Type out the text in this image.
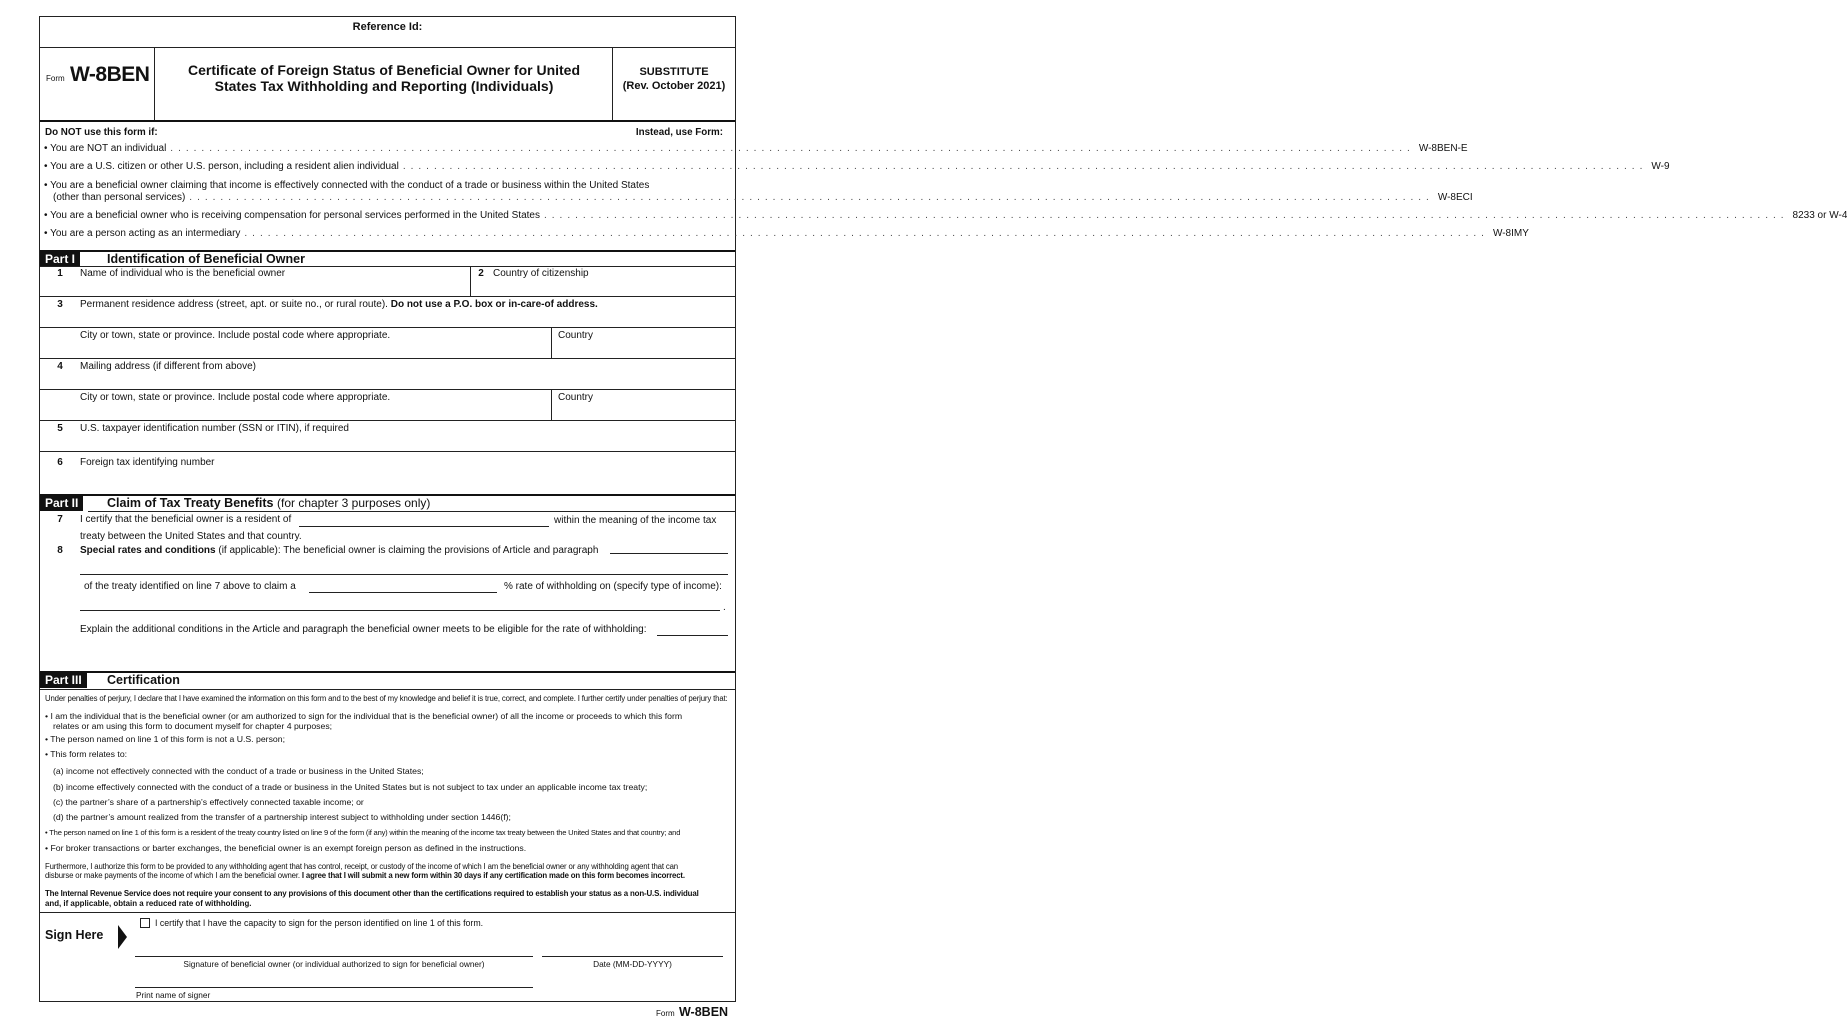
Reference Id:
Form W-8BEN	Certificate of Foreign Status of Beneficial Owner for United
States Tax Withholding and Reporting (Individuals)
SUBSTITUTE
(Rev. October 2021)
Do NOT use this form if:	Instead, use Form:
• You are NOT an individual ................................................................................................................................................................ W-8BEN-E
• You are a U.S. citizen or other U.S. person, including a resident alien individual ................................................................................................................................................................ W-9
• You are a beneficial owner claiming that income is effectively connected with the conduct of a trade or business within the United States
(other than personal services) ................................................................................................................................................................ W-8ECI
• You are a beneficial owner who is receiving compensation for personal services performed in the United States ................................................................................................................................................................ 8233 or W-4
• You are a person acting as an intermediary ................................................................................................................................................................ W-8IMY
Part I	Identification of Beneficial Owner
1 Name of individual who is the beneficial owner	2 Country of citizenship
3 Permanent residence address (street, apt. or suite no., or rural route). Do not use a P.O. box or in-care-of address.
City or town, state or province. Include postal code where appropriate.	Country
4 Mailing address (if different from above)
City or town, state or province. Include postal code where appropriate.	Country
5 U.S. taxpayer identification number (SSN or ITIN), if required
6 Foreign tax identifying number
Part II	Claim of Tax Treaty Benefits (for chapter 3 purposes only)
7 I certify that the beneficial owner is a resident of	within the meaning of the income tax
treaty between the United States and that country.
8 Special rates and conditions (if applicable): The beneficial owner is claiming the provisions of Article and paragraph
of the treaty identified on line 7 above to claim a	% rate of withholding on (specify type of income):
.
Explain the additional conditions in the Article and paragraph the beneficial owner meets to be eligible for the rate of withholding:
Part III	Certification
Under penalties of perjury, I declare that I have examined the information on this form and to the best of my knowledge and belief it is true, correct, and complete. I further certify under penalties of perjury that:
• I am the individual that is the beneficial owner (or am authorized to sign for the individual that is the beneficial owner) of all the income or proceeds to which this form
relates or am using this form to document myself for chapter 4 purposes;
• The person named on line 1 of this form is not a U.S. person;
• This form relates to:
(a) income not effectively connected with the conduct of a trade or business in the United States;
(b) income effectively connected with the conduct of a trade or business in the United States but is not subject to tax under an applicable income tax treaty;
(c) the partner’s share of a partnership’s effectively connected taxable income; or
(d) the partner’s amount realized from the transfer of a partnership interest subject to withholding under section 1446(f);
• The person named on line 1 of this form is a resident of the treaty country listed on line 9 of the form (if any) within the meaning of the income tax treaty between the United States and that country; and
• For broker transactions or barter exchanges, the beneficial owner is an exempt foreign person as defined in the instructions.
Furthermore, I authorize this form to be provided to any withholding agent that has control, receipt, or custody of the income of which I am the beneficial owner or any withholding agent that can
disburse or make payments of the income of which I am the beneficial owner. I agree that I will submit a new form within 30 days if any certification made on this form becomes incorrect.
The Internal Revenue Service does not require your consent to any provisions of this document other than the certifications required to establish your status as a non-U.S. individual
and, if applicable, obtain a reduced rate of withholding.
Sign Here
I certify that I have the capacity to sign for the person identified on line 1 of this form.
Signature of beneficial owner (or individual authorized to sign for beneficial owner)	Date (MM-DD-YYYY)
Print name of signer
Form W-8BEN
